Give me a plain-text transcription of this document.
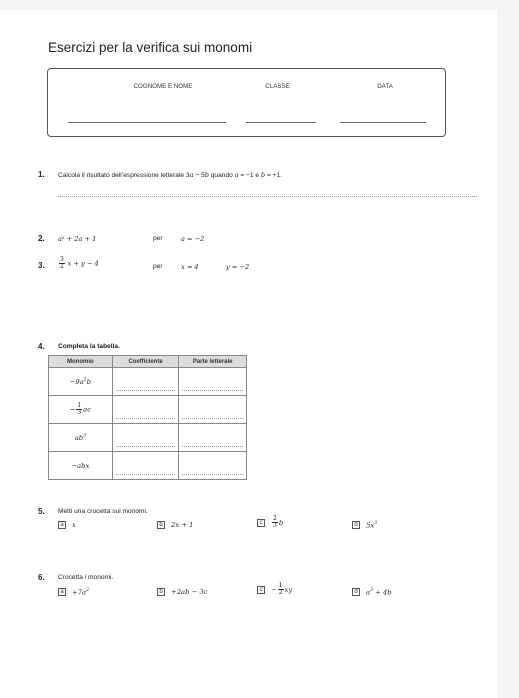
Esercizi per la verifica sui monomi
COGNOME E NOME	CLASSE	DATA
1. Calcola il risultato dell’espressione letterale 3a − 5b quando a = −1 e b = +1.
2. a² + 2a + 1	per	a = −2
3. $\frac{3}{2}$ x + y − 4	per	x = 4	y = −2
4. Completa la tabella.
Monomio	Coefficiente	Parte letterale
$-9a^2b$	

− $\frac{1}{3}$ ac	

$ab^3$	

−abx	

5. Metti una crocetta sui monomi.
a	x	b	2x + 1	c	$\frac{2}{3}$ b	d	$5x^3$
6. Crocetta i monomi.
a	$+7a^2$	b	+2ab − 3c	c	− $\frac{1}{2}$ xy	d	$a^3 + 4b$
